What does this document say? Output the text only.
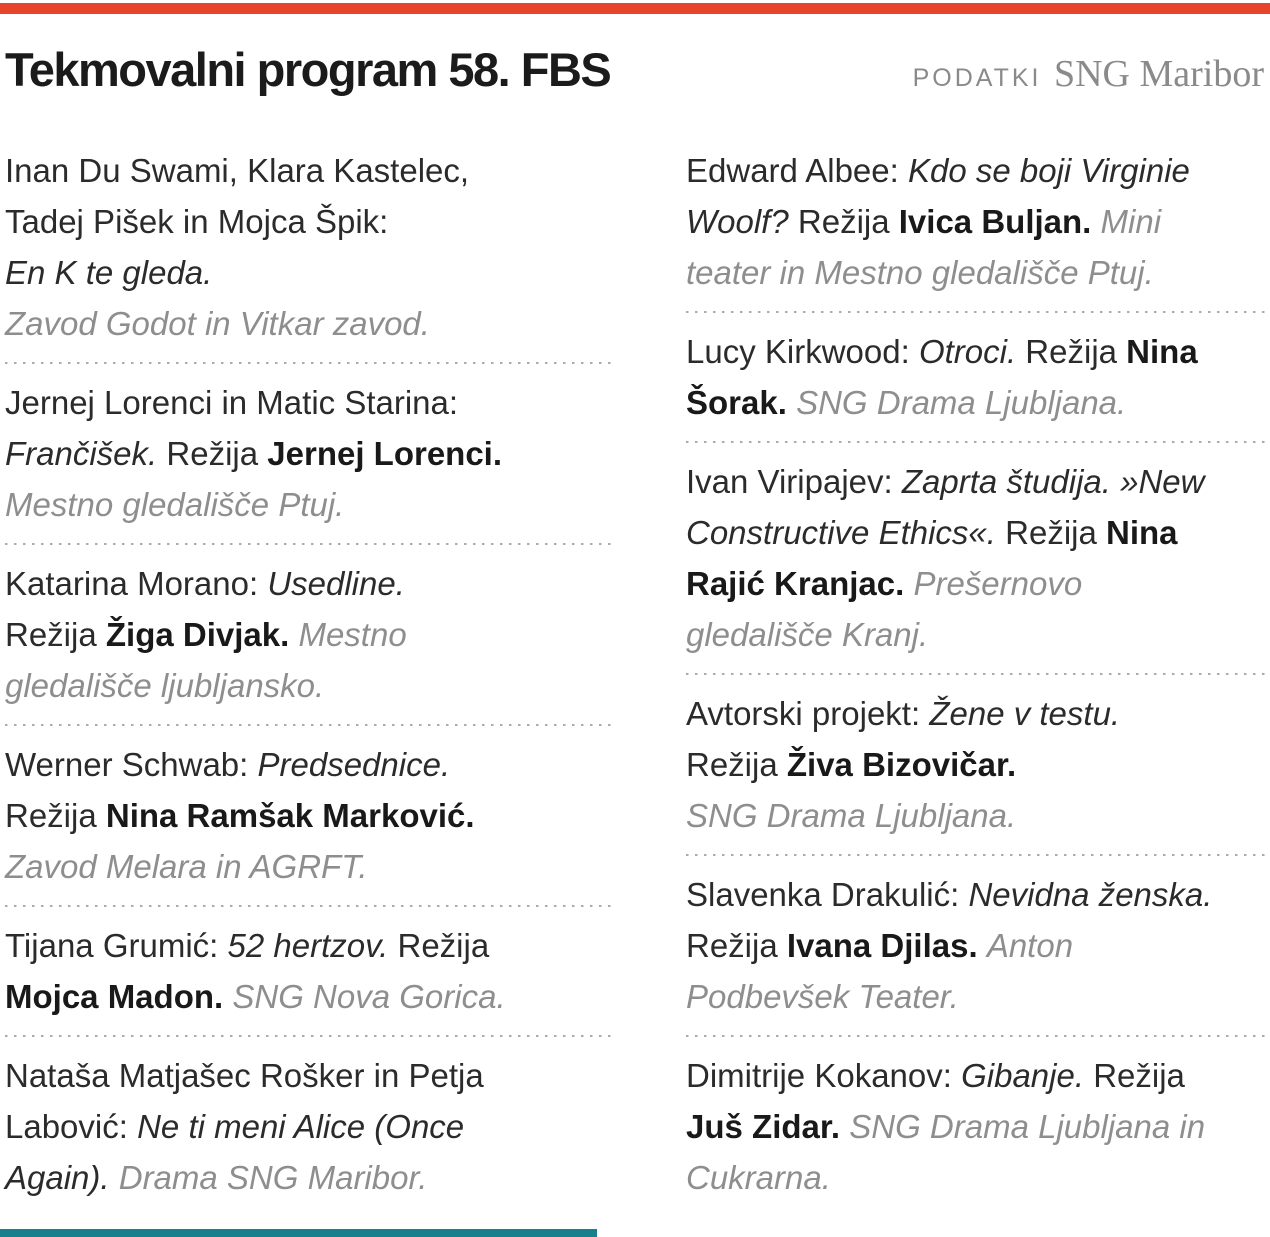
Tekmovalni program 58. FBS	PODATKI SNG Maribor

Inan Du Swami, Klara Kastelec,
Tadej Pišek in Mojca Špik:
En K te gleda.
Zavod Godot in Vitkar zavod.

Jernej Lorenci in Matic Starina:
Frančišek. Režija Jernej Lorenci.
Mestno gledališče Ptuj.

Katarina Morano: Usedline.
Režija Žiga Divjak. Mestno
gledališče ljubljansko.

Werner Schwab: Predsednice.
Režija Nina Ramšak Marković.
Zavod Melara in AGRFT.

Tijana Grumić: 52 hertzov. Režija
Mojca Madon. SNG Nova Gorica.

Nataša Matjašec Rošker in Petja
Labović: Ne ti meni Alice (Once
Again). Drama SNG Maribor.

Edward Albee: Kdo se boji Virginie
Woolf? Režija Ivica Buljan. Mini
teater in Mestno gledališče Ptuj.

Lucy Kirkwood: Otroci. Režija Nina
Šorak. SNG Drama Ljubljana.

Ivan Viripajev: Zaprta študija. »New
Constructive Ethics«. Režija Nina
Rajić Kranjac. Prešernovo
gledališče Kranj.

Avtorski projekt: Žene v testu.
Režija Živa Bizovičar.
SNG Drama Ljubljana.

Slavenka Drakulić: Nevidna ženska.
Režija Ivana Djilas. Anton
Podbevšek Teater.

Dimitrije Kokanov: Gibanje. Režija
Juš Zidar. SNG Drama Ljubljana in
Cukrarna.
